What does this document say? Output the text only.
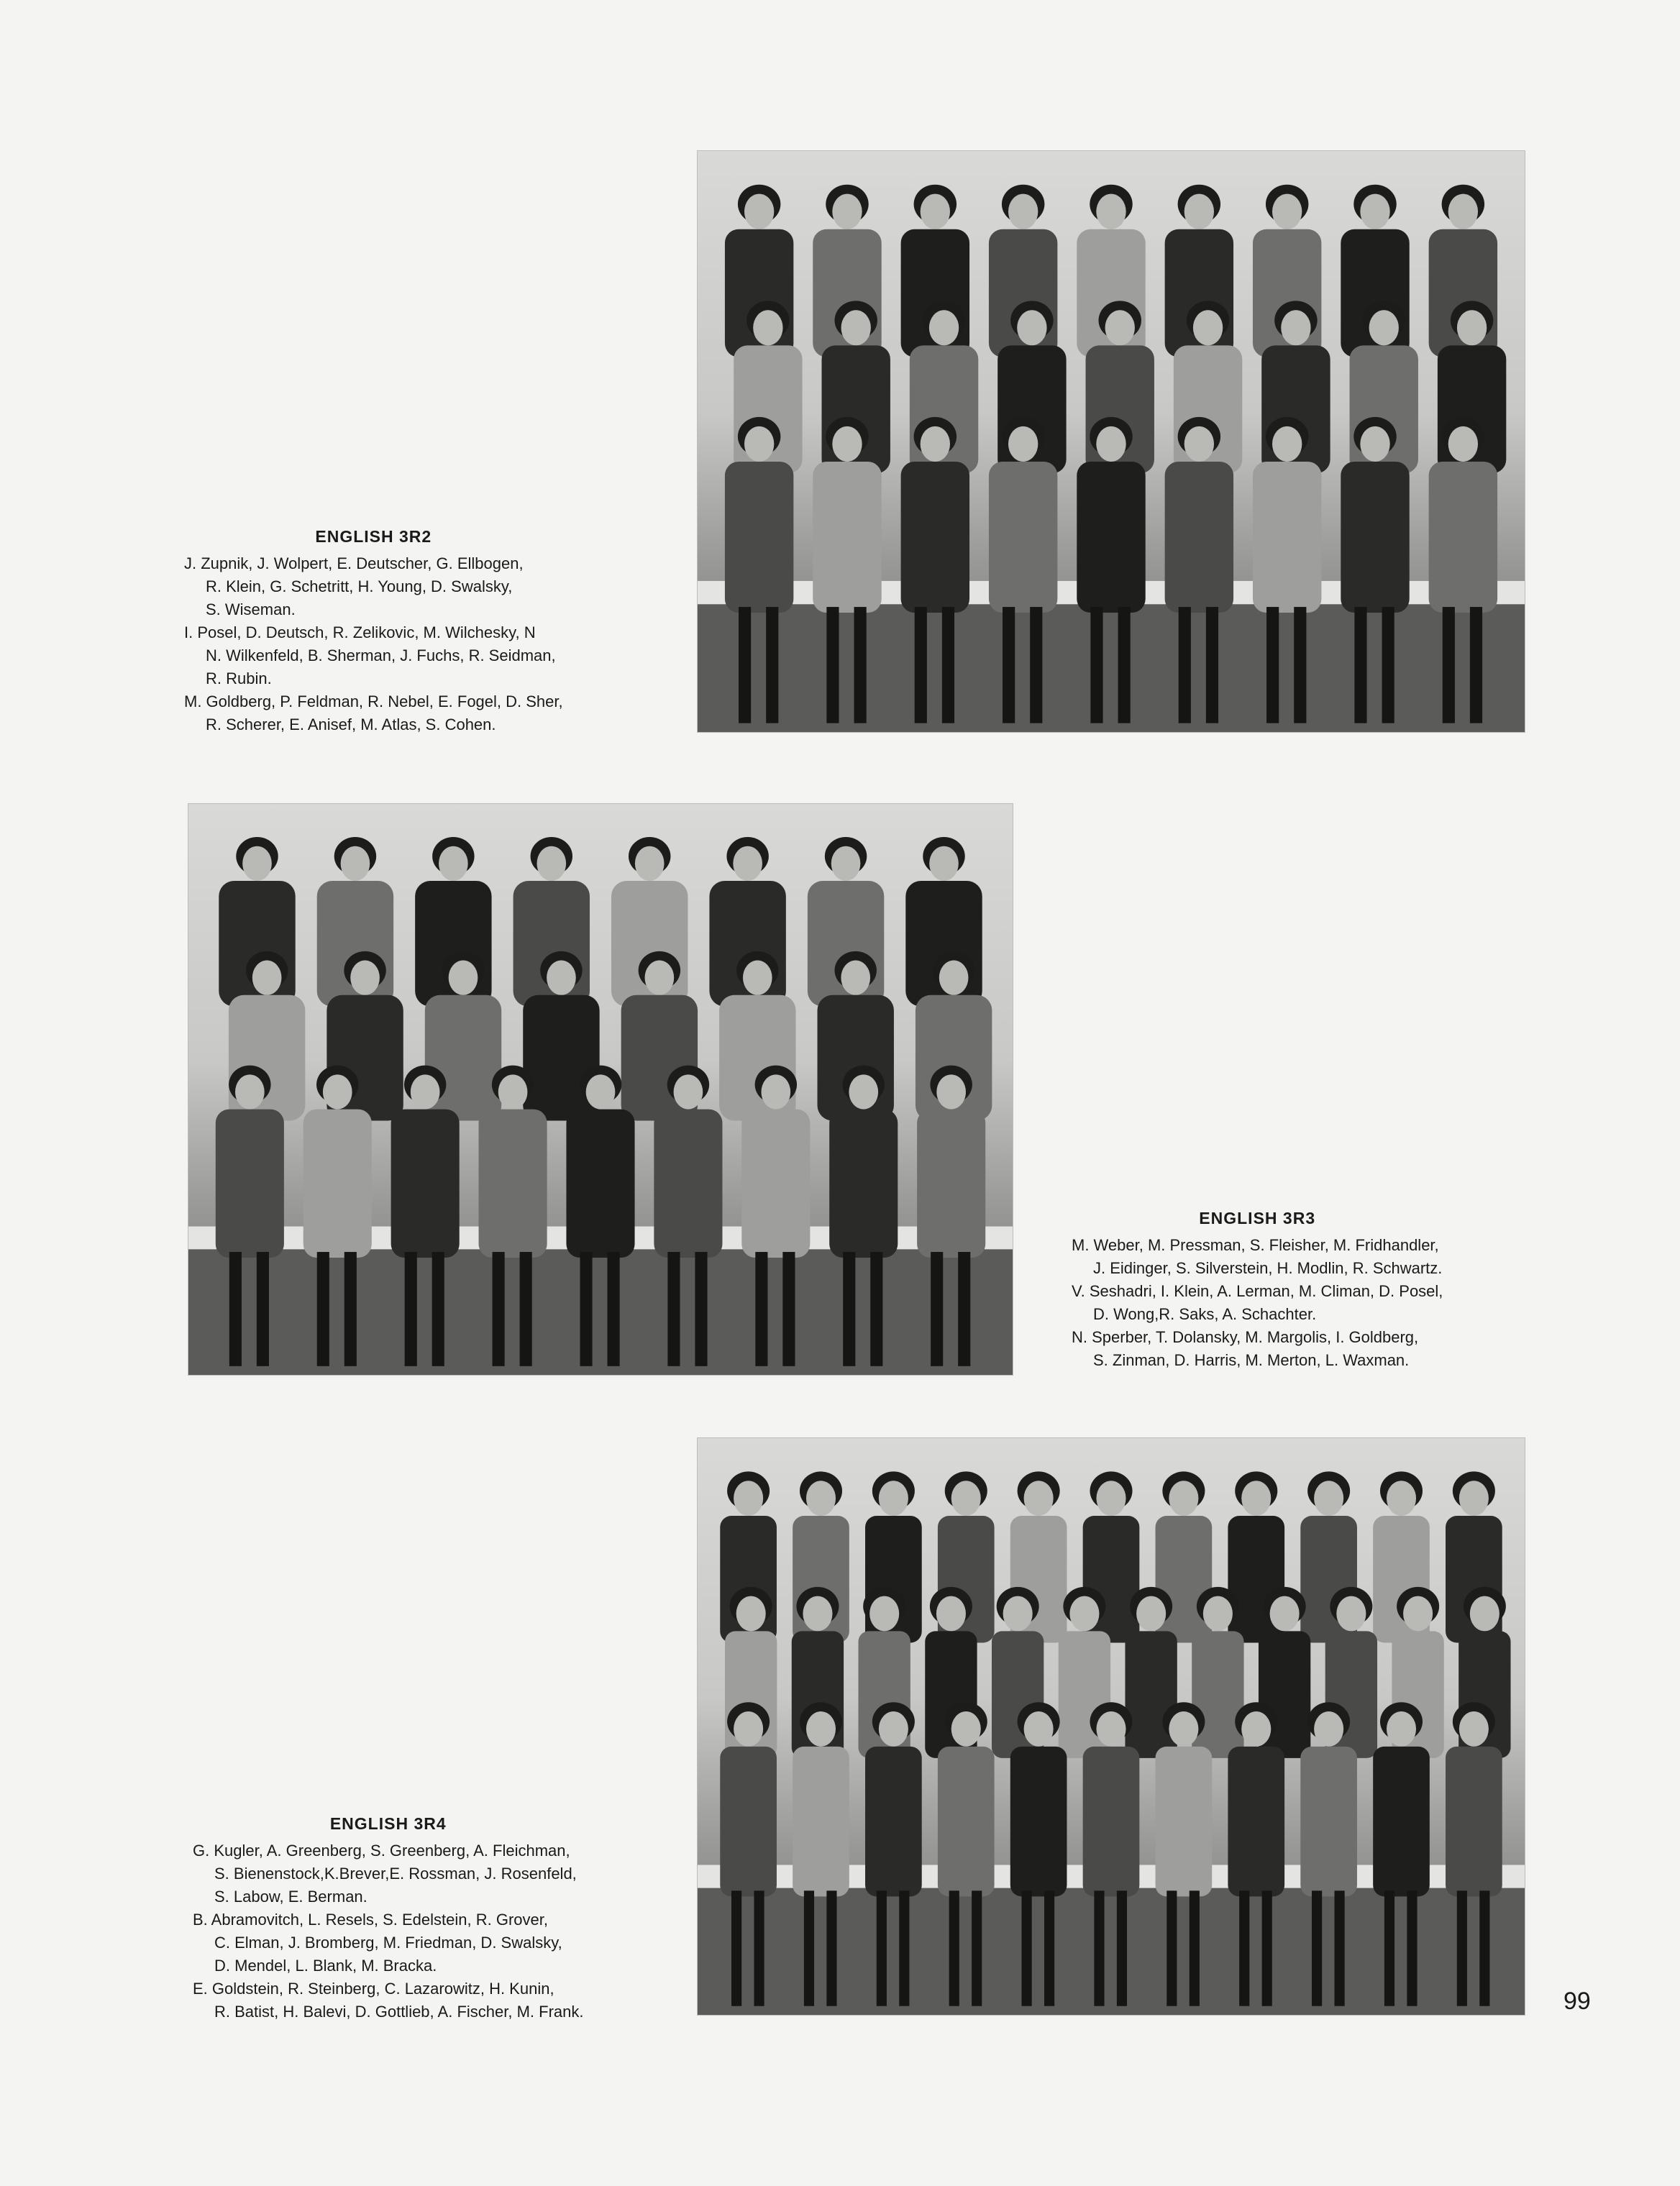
ENGLISH 3R2
J. Zupnik, J. Wolpert, E. Deutscher, G. Ellbogen,
R. Klein, G. Schetritt, H. Young, D. Swalsky,
S. Wiseman.
I. Posel, D. Deutsch, R. Zelikovic, M. Wilchesky, N
N. Wilkenfeld, B. Sherman, J. Fuchs, R. Seidman,
R. Rubin.
M. Goldberg, P. Feldman, R. Nebel, E. Fogel, D. Sher,
R. Scherer, E. Anisef, M. Atlas, S. Cohen.
ENGLISH 3R3
M. Weber, M. Pressman, S. Fleisher, M. Fridhandler,
J. Eidinger, S. Silverstein, H. Modlin, R. Schwartz.
V. Seshadri, I. Klein, A. Lerman, M. Climan, D. Posel,
D. Wong,R. Saks, A. Schachter.
N. Sperber, T. Dolansky, M. Margolis, I. Goldberg,
S. Zinman, D. Harris, M. Merton, L. Waxman.
ENGLISH 3R4
G. Kugler, A. Greenberg, S. Greenberg, A. Fleichman,
S. Bienenstock,K.Brever,E. Rossman, J. Rosenfeld,
S. Labow, E. Berman.
B. Abramovitch, L. Resels, S. Edelstein, R. Grover,
C. Elman, J. Bromberg, M. Friedman, D. Swalsky,
D. Mendel, L. Blank, M. Bracka.
E. Goldstein, R. Steinberg, C. Lazarowitz, H. Kunin,
R. Batist, H. Balevi, D. Gottlieb, A. Fischer, M. Frank.	99
